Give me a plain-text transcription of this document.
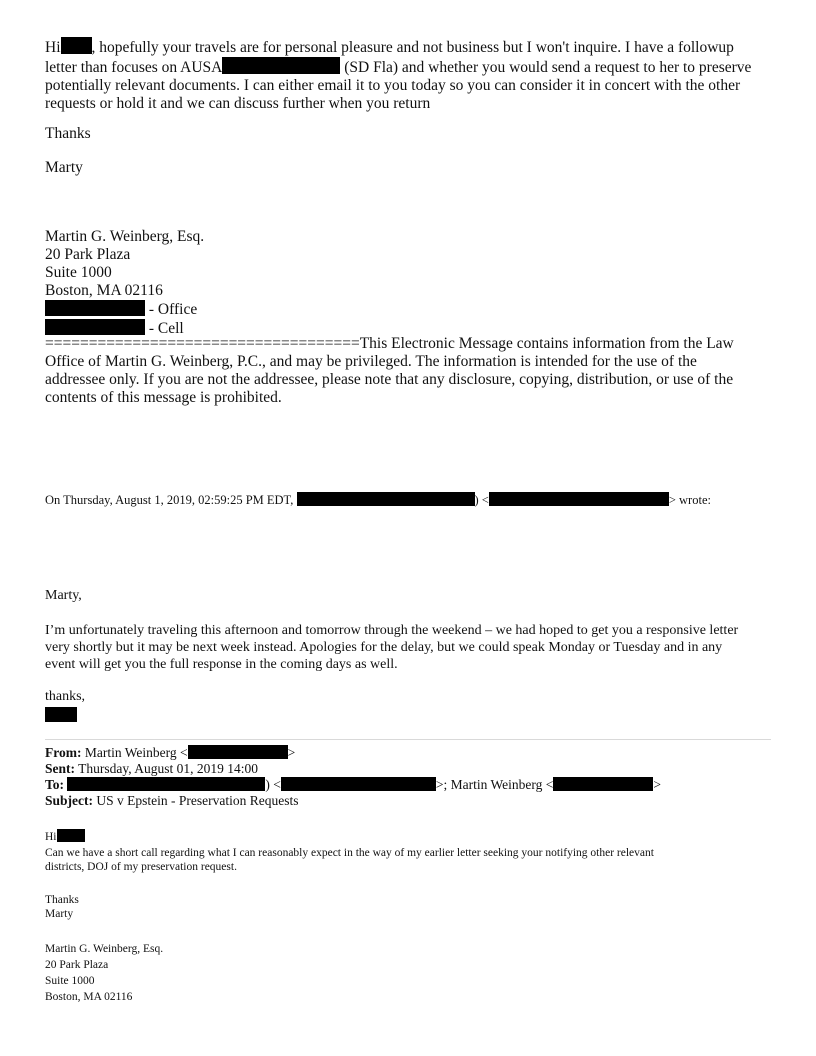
Hi , hopefully your travels are for personal pleasure and not business but I won't inquire. I have a followup
letter than focuses on AUSA	(SD Fla) and whether you would send a request to her to preserve
potentially relevant documents. I can either email it to you today so you can consider it in concert with the other
requests or hold it and we can discuss further when you return
Thanks
Marty
Martin G. Weinberg, Esq.
20 Park Plaza
Suite 1000
Boston, MA 02116
- Office
- Cell
====================================This Electronic Message contains information from the Law
Office of Martin G. Weinberg, P.C., and may be privileged. The information is intended for the use of the
addressee only. If you are not the addressee, please note that any disclosure, copying, distribution, or use of the
contents of this message is prohibited.
On Thursday, August 1, 2019, 02:59:25 PM EDT,	) <	> wrote:
Marty,
I’m unfortunately traveling this afternoon and tomorrow through the weekend – we had hoped to get you a responsive letter
very shortly but it may be next week instead. Apologies for the delay, but we could speak Monday or Tuesday and in any
event will get you the full response in the coming days as well.
thanks,
From: Martin Weinberg <	>
Sent: Thursday, August 01, 2019 14:00
To:	) <	>; Martin Weinberg <	>
Subject: US v Epstein - Preservation Requests
Hi
Can we have a short call regarding what I can reasonably expect in the way of my earlier letter seeking your notifying other relevant
districts, DOJ of my preservation request.
Thanks
Marty
Martin G. Weinberg, Esq.
20 Park Plaza
Suite 1000
Boston, MA 02116
